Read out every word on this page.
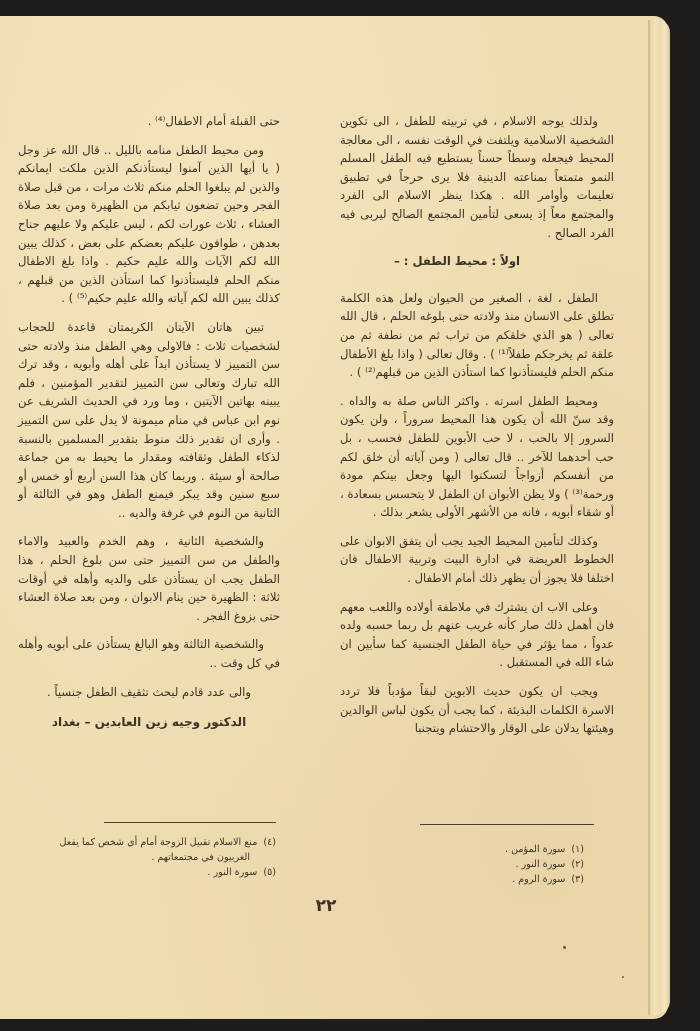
ولذلك يوجه الاسلام ، في تربيته للطفل ، الى تكوين الشخصية الاسلامية ويلتفت في الوقت نفسه ، الى معالجة المحيط فيجعله وسطاً حسناً يستطيع فيه الطفل المسلم النمو متمتعاً بمناعته الدينية فلا يرى حرجاً في تطبيق تعليمات وأوامر الله . هكذا ينظر الاسلام الى الفرد والمجتمع معاً إذ يسعى لتأمين المجتمع الصالح ليربى فيه الفرد الصالح .

اولاً : محيط الطفل : –

الطفل ، لغة ، الصغير من الحيوان ولعل هذه الكلمة تطلق على الانسان منذ ولادته حتى بلوغه الحلم ، قال الله تعالى ( هو الذي خلقكم من تراب ثم من نطفة ثم من علقة ثم يخرجكم طفلاً⁽¹⁾ ) . وقال تعالى ( واذا بلغ الأطفال منكم الحلم فليستأذنوا كما استأذن الذين من قبلهم⁽²⁾ ) .

ومحيط الطفل اسرته . واكثر الناس صلة به والداه . وقد سنّ الله أن يكون هذا المحيط سروراً ، ولن يكون السرور إلا بالحب ، لا حب الأبوين للطفل فحسب ، بل حب أحدهما للآخر .. قال تعالى ( ومن آياته أن خلق لكم من أنفسكم أزواجاً لتسكنوا اليها وجعل بينكم مودة ورحمة⁽³⁾ ) ولا يظن الأبوان ان الطفل لا يتحسس بسعادة ، أو شقاء أبويه ، فانه من الأشهر الأولى يشعر بذلك .

وكذلك لتأمين المحيط الجيد يجب أن يتفق الابوان على الخطوط العريضة في ادارة البيت وتربية الاطفال فان اختلفا فلا يجوز أن يظهر ذلك أمام الاطفال .

وعلى الاب ان يشترك في ملاطفة أولاده واللعب معهم فان أهمل ذلك صار كأنه غريب عنهم بل ربما حسبه ولده عدواً ، مما يؤثر في حياة الطفل الجنسية كما سأبين ان شاء الله في المستقبل .

ويجب ان يكون حديث الابوين لبقاً مؤدباً فلا تردد الاسرة الكلمات البذيئة ، كما يجب أن يكون لباس الوالدين وهيئتها يدلان على الوقار والاحتشام ويتجنبا

حتى القبلة أمام الاطفال⁽⁴⁾ .

ومن محيط الطفل منامه بالليل .. قال الله عز وجل ( يا أيها الذين آمنوا ليستأذنكم الذين ملكت ايمانكم والذين لم يبلغوا الحلم منكم ثلاث مرات ، من قبل صلاة الفجر وحين تضعون ثيابكم من الظهيرة ومن بعد صلاة العشاء ، ثلاث عورات لكم ، ليس عليكم ولا عليهم جناح بعدهن ، طوافون عليكم بعضكم على بعض ، كذلك يبين الله لكم الآيات والله عليم حكيم . واذا بلغ الاطفال منكم الحلم فليستأذنوا كما استأذن الذين من قبلهم ، كذلك يبين الله لكم آياته والله عليم حكيم⁽⁵⁾ ) .

تبين هاتان الآيتان الكريمتان قاعدة للحجاب لشخصيات ثلاث : فالاولى وهي الطفل منذ ولادته حتى سن التمييز لا يستأذن ابداً على أهله وأبويه ، وقد ترك الله تبارك وتعالى سن التمييز لتقدير المؤمنين ، فلم يبينه بهاتين الآيتين ، وما ورد في الحديث الشريف عن نوم ابن عباس في منام ميمونة لا يدل على سن التمييز . وأرى ان تقدير ذلك منوط بتقدير المسلمين بالنسبة لذكاء الطفل وثقافته ومقدار ما يحيط به من جماعة صالحة أو سيئة . وربما كان هذا السن أربع أو خمس أو سبع سنين وقد يبكر فيمنع الطفل وهو في الثالثة أو الثانية من النوم في غرفة والديه ..

والشخصية الثانية ، وهم الخدم والعبيد والاماء والطفل من سن التمييز حتى سن بلوغ الحلم ، هذا الطفل يجب ان يستأذن على والديه وأهله في أوقات ثلاثة : الظهيرة حين ينام الابوان ، ومن بعد صلاة العشاء حتى بزوغ الفجر .

والشخصية الثالثة وهو البالغ يستأذن على أبويه وأهله في كل وقت ..

والى عدد قادم لبحث تثقيف الطفل جنسياً .

الدكتور وجيه زين العابدين – بغداد

(١)سورة المؤمن .

(٢)سورة النور .

(٣)سورة الروم .

(٤)منع الاسلام تقبيل الزوجة أمام أي شخص كما يفعل

الغربيون في مجتمعاتهم .

(٥)سورة النور .

٢٢
